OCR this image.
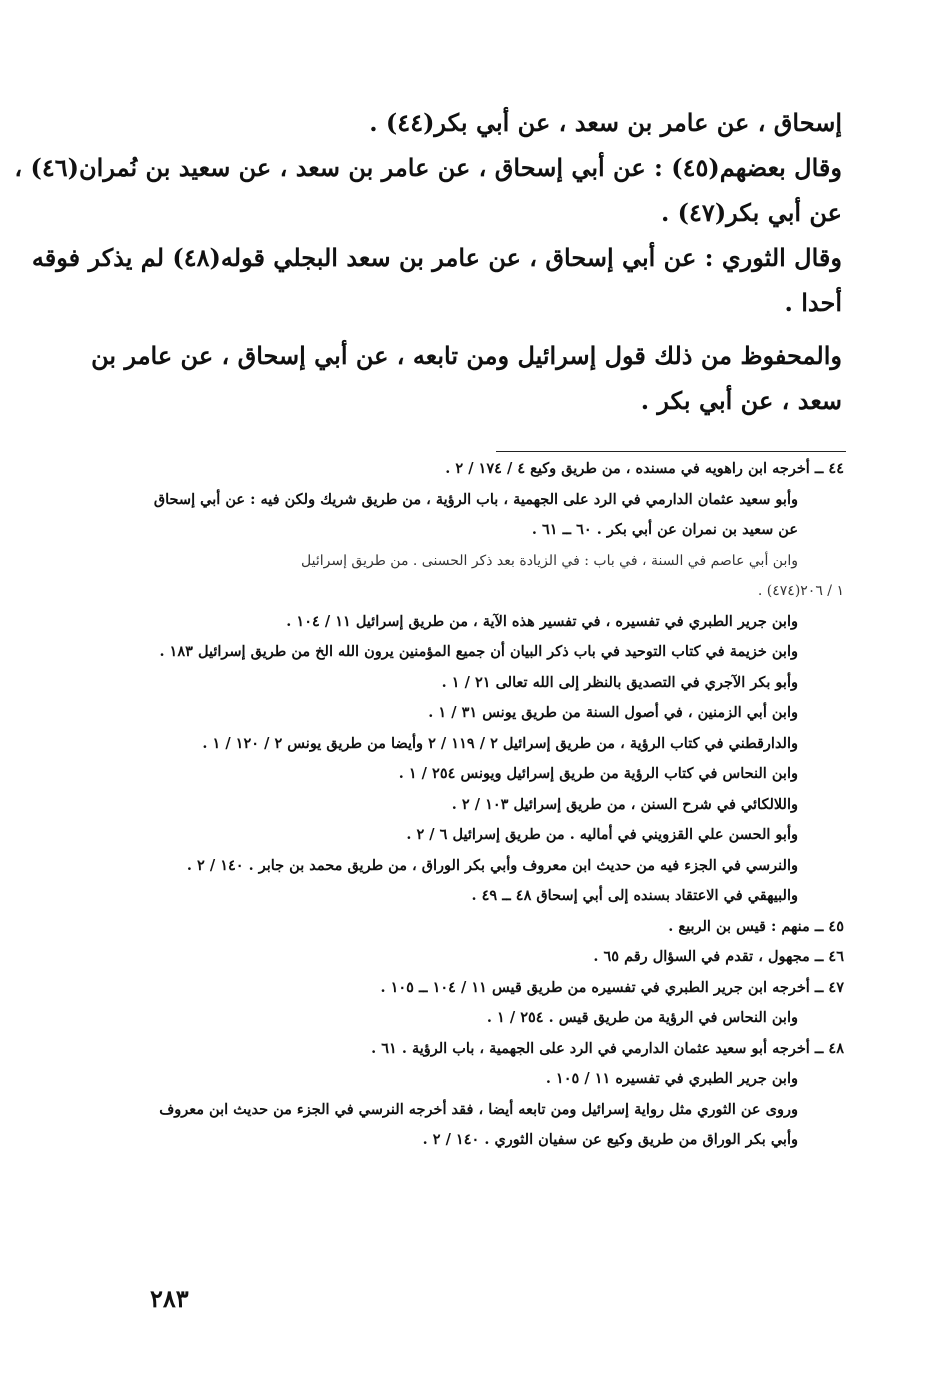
إسحاق ، عن عامر بن سعد ، عن أبي بكر(٤٤) .
وقال بعضهم(٤٥) : عن أبي إسحاق ، عن عامر بن سعد ، عن سعيد بن نُمران(٤٦) ،
عن أبي بكر(٤٧) .
وقال الثوري : عن أبي إسحاق ، عن عامر بن سعد البجلي قوله(٤٨) لم يذكر فوقه
أحدا .
والمحفوظ من ذلك قول إسرائيل ومن تابعه ، عن أبي إسحاق ، عن عامر بن
سعد ، عن أبي بكر .
٤٤ ــ أخرجه ابن راهويه في مسنده ، من طريق وكيع ٤ / ١٧٤ / ٢ .
وأبو سعيد عثمان الدارمي في الرد على الجهمية ، باب الرؤية ، من طريق شريك ولكن فيه : عن أبي إسحاق
عن سعيد بن نمران عن أبي بكر . ٦٠ ــ ٦١ .
وابن أبي عاصم في السنة ، في باب : في الزيادة بعد ذكر الحسنى . من طريق إسرائيل
١ / ٢٠٦(٤٧٤) .
وابن جرير الطبري في تفسيره ، في تفسير هذه الآية ، من طريق إسرائيل ١١ / ١٠٤ .
وابن خزيمة في كتاب التوحيد في باب ذكر البيان أن جميع المؤمنين يرون الله الخ من طريق إسرائيل ١٨٣ .
وأبو بكر الآجري في التصديق بالنظر إلى الله تعالى ٢١ / ١ .
وابن أبي الزمنين ، في أصول السنة من طريق يونس ٣١ / ١ .
والدارقطني في كتاب الرؤية ، من طريق إسرائيل ٢ / ١١٩ / ٢ وأيضا من طريق يونس ٢ / ١٢٠ / ١ .
وابن النحاس في كتاب الرؤية من طريق إسرائيل ويونس ٢٥٤ / ١ .
واللالكائي في شرح السنن ، من طريق إسرائيل ١٠٣ / ٢ .
وأبو الحسن علي القزويني في أماليه . من طريق إسرائيل ٦ / ٢ .
والنرسي في الجزء فيه من حديث ابن معروف وأبي بكر الوراق ، من طريق محمد بن جابر . ١٤٠ / ٢ .
والبيهقي في الاعتقاد بسنده إلى أبي إسحاق ٤٨ ــ ٤٩ .
٤٥ ــ منهم : قيس بن الربيع .
٤٦ ــ مجهول ، تقدم في السؤال رقم ٦٥ .
٤٧ ــ أخرجه ابن جرير الطبري في تفسيره من طريق قيس ١١ / ١٠٤ ــ ١٠٥ .
وابن النحاس في الرؤية من طريق قيس . ٢٥٤ / ١ .
٤٨ ــ أخرجه أبو سعيد عثمان الدارمي في الرد على الجهمية ، باب الرؤية . ٦١ .
وابن جرير الطبري في تفسيره ١١ / ١٠٥ .
وروى عن الثوري مثل رواية إسرائيل ومن تابعه أيضا ، فقد أخرجه النرسي في الجزء من حديث ابن معروف
وأبي بكر الوراق من طريق وكيع عن سفيان الثوري . ١٤٠ / ٢ .
٢٨٣
